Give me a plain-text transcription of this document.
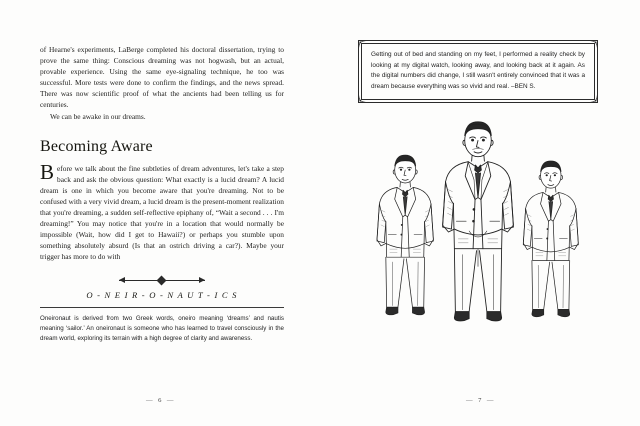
of Hearne's experiments, LaBerge completed his doctoral dissertation, trying to prove the same thing: Conscious dreaming was not hogwash, but an actual, provable experience. Using the same eye-signaling technique, he too was successful. More tests were done to confirm the findings, and the news spread. There was now scientific proof of what the ancients had been telling us for centuries.

We can be awake in our dreams.

Becoming Aware
Before we talk about the fine subtleties of dream adventures, let's take a step back and ask the obvious question: What exactly is a lucid dream? A lucid dream is one in which you become aware that you're dreaming. Not to be confused with a very vivid dream, a lucid dream is the present-moment realization that you're dreaming, a sudden self-reflective epiphany of, “Wait a second . . . I'm dreaming!” You may notice that you're in a location that would normally be impossible (Wait, how did I get to Hawaii?) or perhaps you stumble upon something absolutely absurd (Is that an ostrich driving a car?). Maybe your trigger has more to do with
O - N E I R - O - N A U T - I C S

Oneironaut is derived from two Greek words, oneiro meaning ‘dreams’ and nautis meaning ‘sailor.’ An oneironaut is someone who has learned to travel consciously in the dream world, exploring its terrain with a high degree of clarity and awareness.

— 6 —

Getting out of bed and standing on my feet, I performed a reality check by looking at my digital watch, looking away, and looking back at it again. As the digital numbers did change, I still wasn't entirely convinced that it was a dream because everything was so vivid and real. –BEN S.

— 7 —
